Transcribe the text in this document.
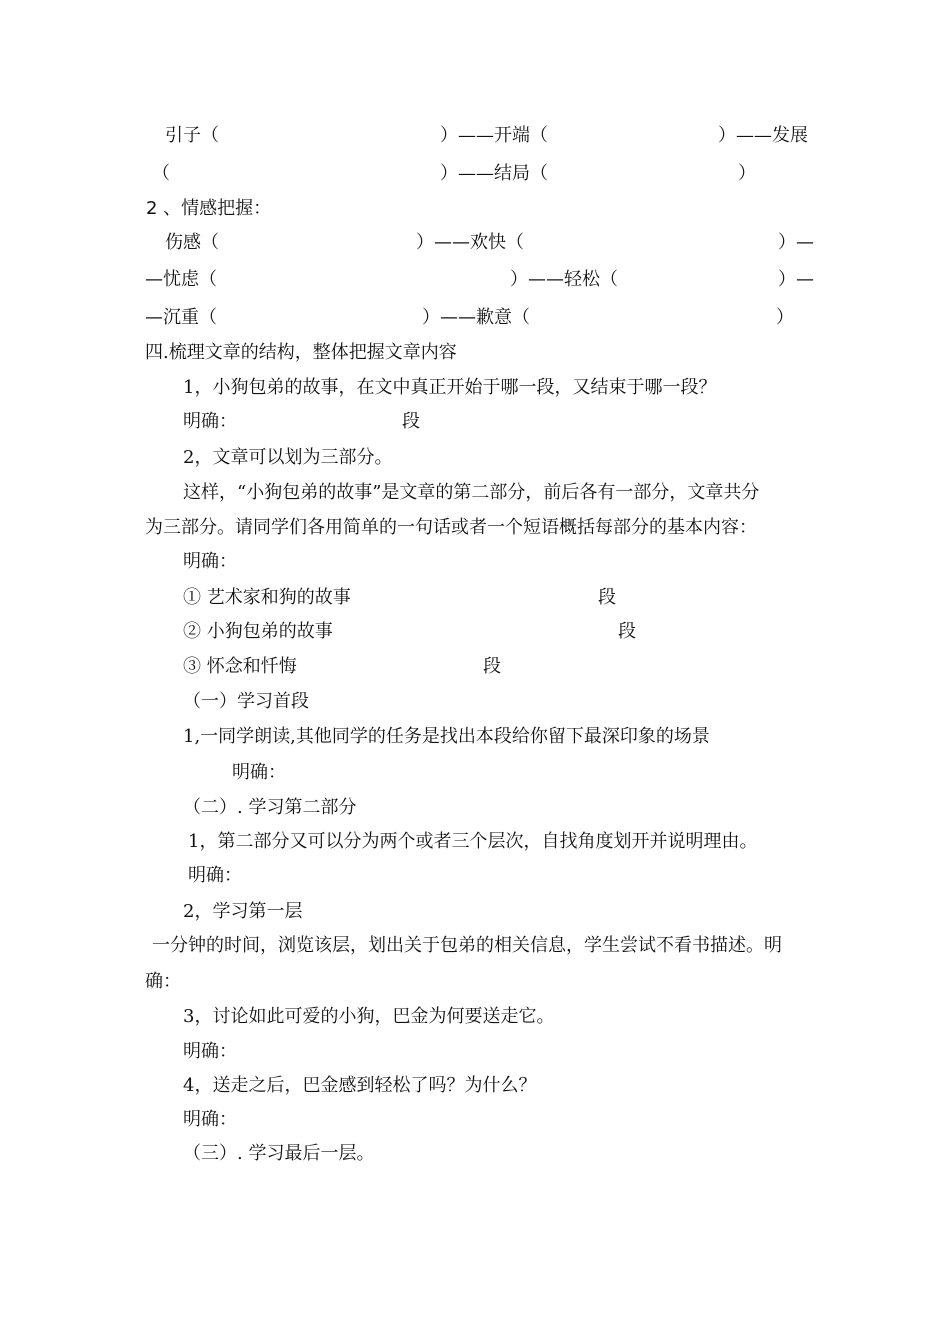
引子（	）——开端（	）——发展
（	）——结局（	）
2 、情感把握：
伤感（	）——欢快（	）—
—忧虑（	）——轻松（	）—
—沉重（	）——歉意（	）
四.梳理文章的结构，整体把握文章内容
1，小狗包弟的故事，在文中真正开始于哪一段，又结束于哪一段？
明确：	段
2，文章可以划为三部分。
这样，“小狗包弟的故事”是文章的第二部分，前后各有一部分，文章共分
为三部分。请同学们各用简单的一句话或者一个短语概括每部分的基本内容：
明确：
① 艺术家和狗的故事	段
② 小狗包弟的故事	段
③ 怀念和忏悔	段
（一）学习首段
1,一同学朗读,其他同学的任务是找出本段给你留下最深印象的场景
明确：
（二）. 学习第二部分
1，第二部分又可以分为两个或者三个层次，自找角度划开并说明理由。
明确：
2，学习第一层
一分钟的时间，浏览该层，划出关于包弟的相关信息，学生尝试不看书描述。明
确：
3，讨论如此可爱的小狗，巴金为何要送走它。
明确：
4，送走之后，巴金感到轻松了吗？为什么？
明确：
（三）. 学习最后一层。
